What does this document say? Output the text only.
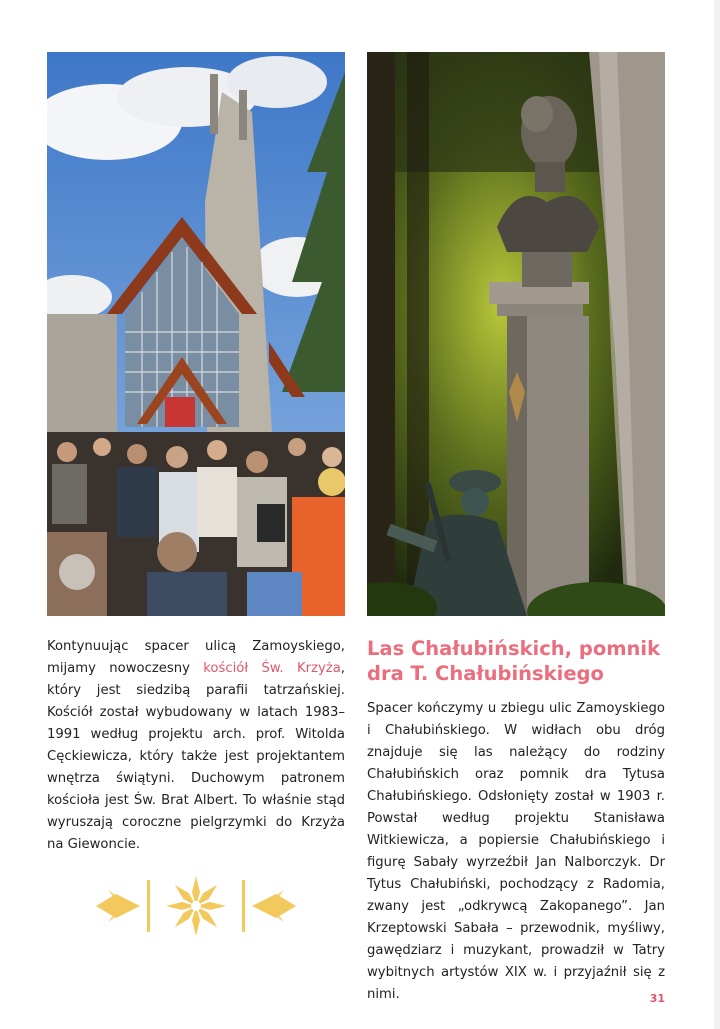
Kontynuując spacer ulicą Zamoyskiego, mijamy nowoczesny kościół Św. Krzyża, który jest siedzibą parafii tatrzańskiej. Kościół został wybudowany w latach 1983–1991 według projektu arch. prof. Witolda Cęckiewicza, który także jest projektantem wnętrza świątyni. Duchowym patronem kościoła jest Św. Brat Albert. To właśnie stąd wyruszają coroczne pielgrzymki do Krzyża na Giewoncie.

Las Chałubińskich, pomnik dra T. Chałubińskiego

Spacer kończymy u zbiegu ulic Zamoyskiego i Chałubińskiego. W widłach obu dróg znajduje się las należący do rodziny Chałubińskich oraz pomnik dra Tytusa Chałubińskiego. Odsłonięty został w 1903 r. Powstał według projektu Stanisława Witkiewicza, a popiersie Chałubińskiego i figurę Sabały wyrzeźbił Jan Nalborczyk. Dr Tytus Chałubiński, pochodzący z Radomia, zwany jest „odkrywcą Zakopanego”. Jan Krzeptowski Sabała – przewodnik, myśliwy, gawędziarz i muzykant, prowadził w Tatry wybitnych artystów XIX w. i przyjaźnił się z nimi.	31
